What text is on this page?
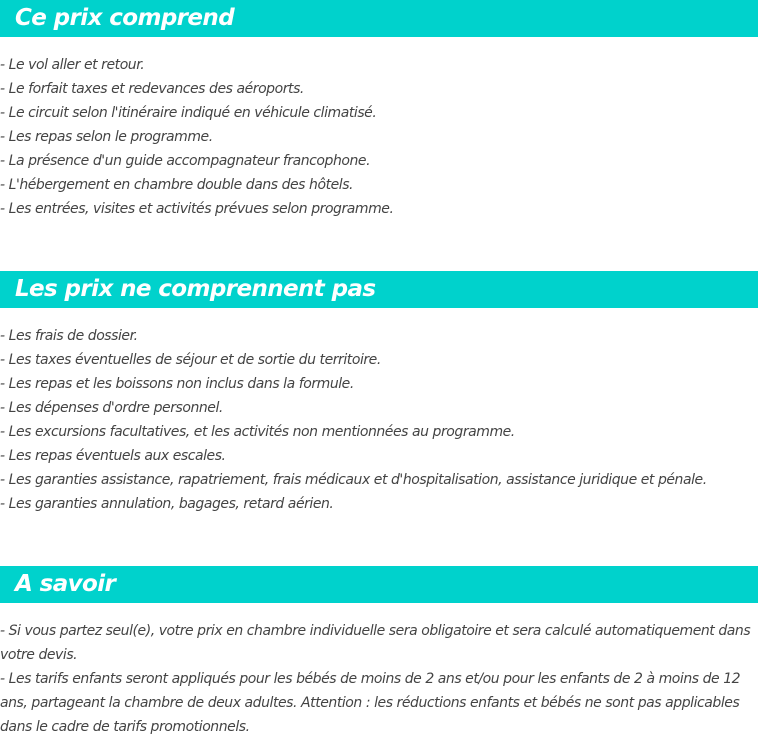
Ce prix comprend
- Le vol aller et retour.
- Le forfait taxes et redevances des aéroports.
- Le circuit selon l'itinéraire indiqué en véhicule climatisé.
- Les repas selon le programme.
- La présence d'un guide accompagnateur francophone.
- L'hébergement en chambre double dans des hôtels.
- Les entrées, visites et activités prévues selon programme.
Les prix ne comprennent pas
- Les frais de dossier.
- Les taxes éventuelles de séjour et de sortie du territoire.
- Les repas et les boissons non inclus dans la formule.
- Les dépenses d'ordre personnel.
- Les excursions facultatives, et les activités non mentionnées au programme.
- Les repas éventuels aux escales.
- Les garanties assistance, rapatriement, frais médicaux et d'hospitalisation, assistance juridique et pénale.
- Les garanties annulation, bagages, retard aérien.
A savoir
- Si vous partez seul(e), votre prix en chambre individuelle sera obligatoire et sera calculé automatiquement dans votre devis.
- Les tarifs enfants seront appliqués pour les bébés de moins de 2 ans et/ou pour les enfants de 2 à moins de 12 ans, partageant la chambre de deux adultes. Attention : les réductions enfants et bébés ne sont pas applicables dans le cadre de tarifs promotionnels.
